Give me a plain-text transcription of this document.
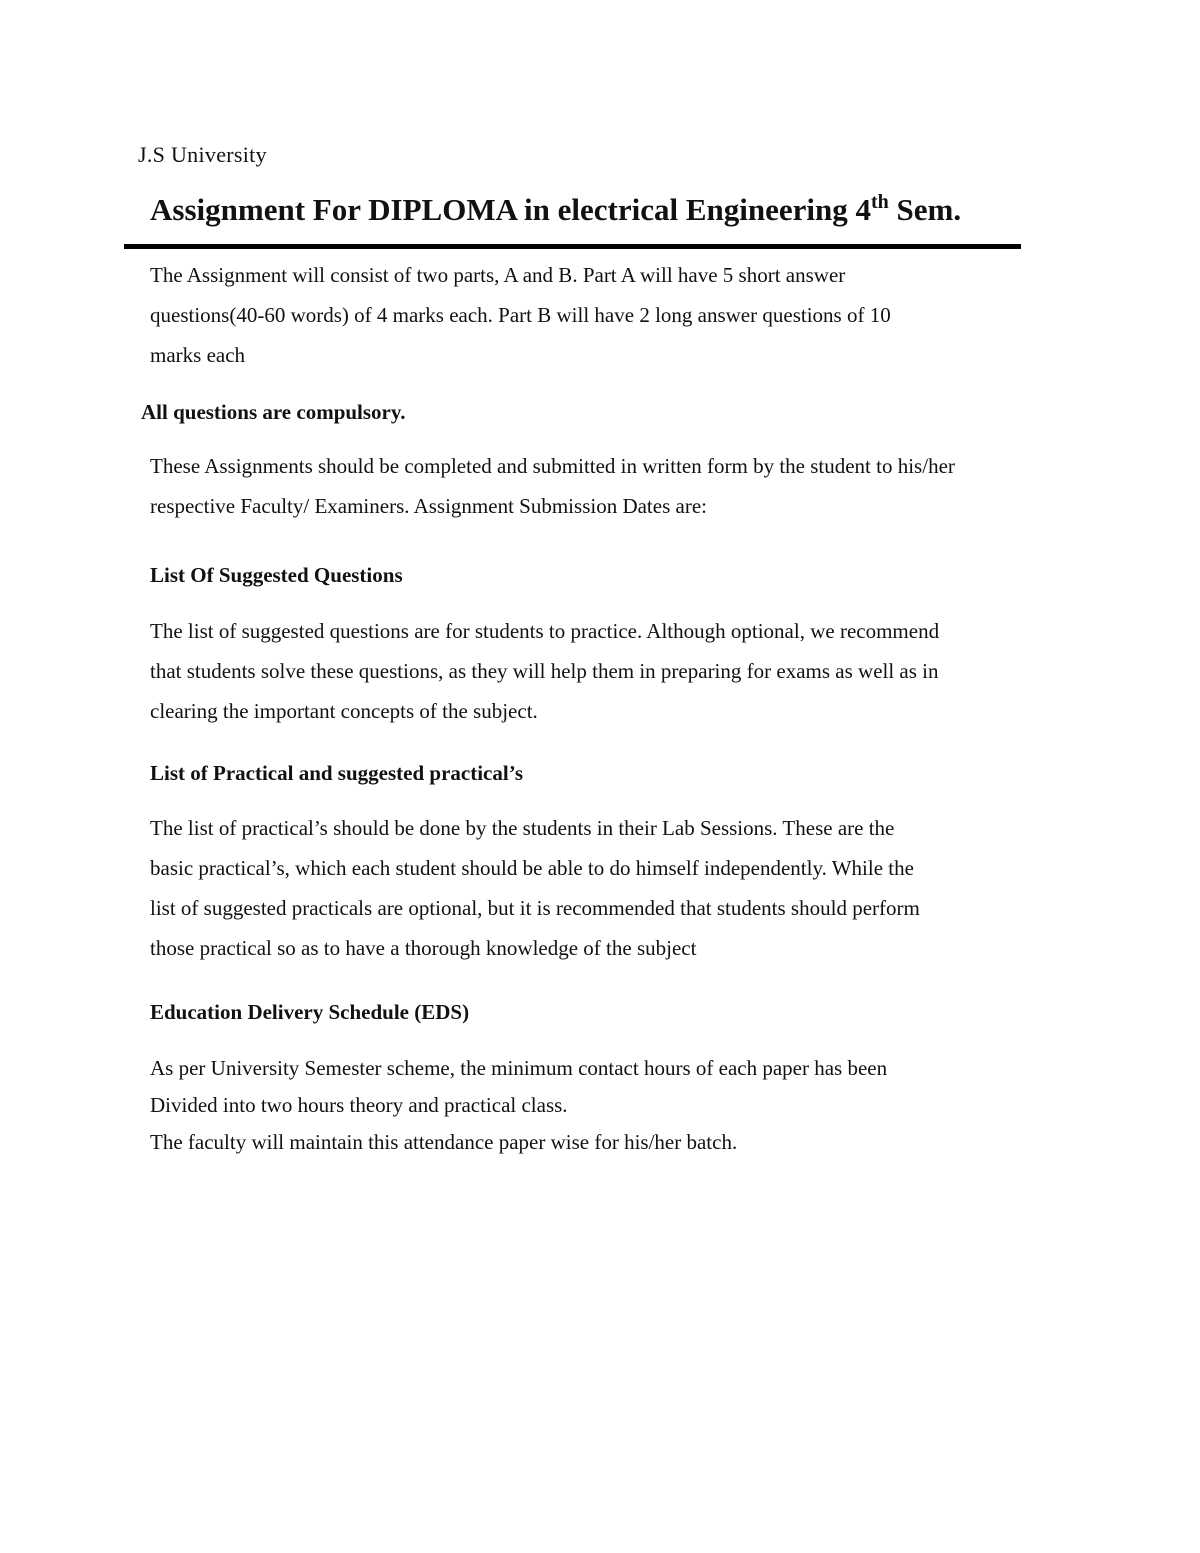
J.S University
Assignment For DIPLOMA in electrical Engineering 4th Sem.

The Assignment will consist of two parts, A and B. Part A will have 5 short answer
questions(40-60 words) of 4 marks each. Part B will have 2 long answer questions of 10
marks each

All questions are compulsory.

These Assignments should be completed and submitted in written form by the student to his/her
respective Faculty/ Examiners. Assignment Submission Dates are:

List Of Suggested Questions

The list of suggested questions are for students to practice. Although optional, we recommend
that students solve these questions, as they will help them in preparing for exams as well as in
clearing the important concepts of the subject.

List of Practical and suggested practical’s

The list of practical’s should be done by the students in their Lab Sessions. These are the
basic practical’s, which each student should be able to do himself independently. While the
list of suggested practicals are optional, but it is recommended that students should perform
those practical so as to have a thorough knowledge of the subject

Education Delivery Schedule (EDS)

As per University Semester scheme, the minimum contact hours of each paper has been
Divided into two hours theory and practical class.
The faculty will maintain this attendance paper wise for his/her batch.
